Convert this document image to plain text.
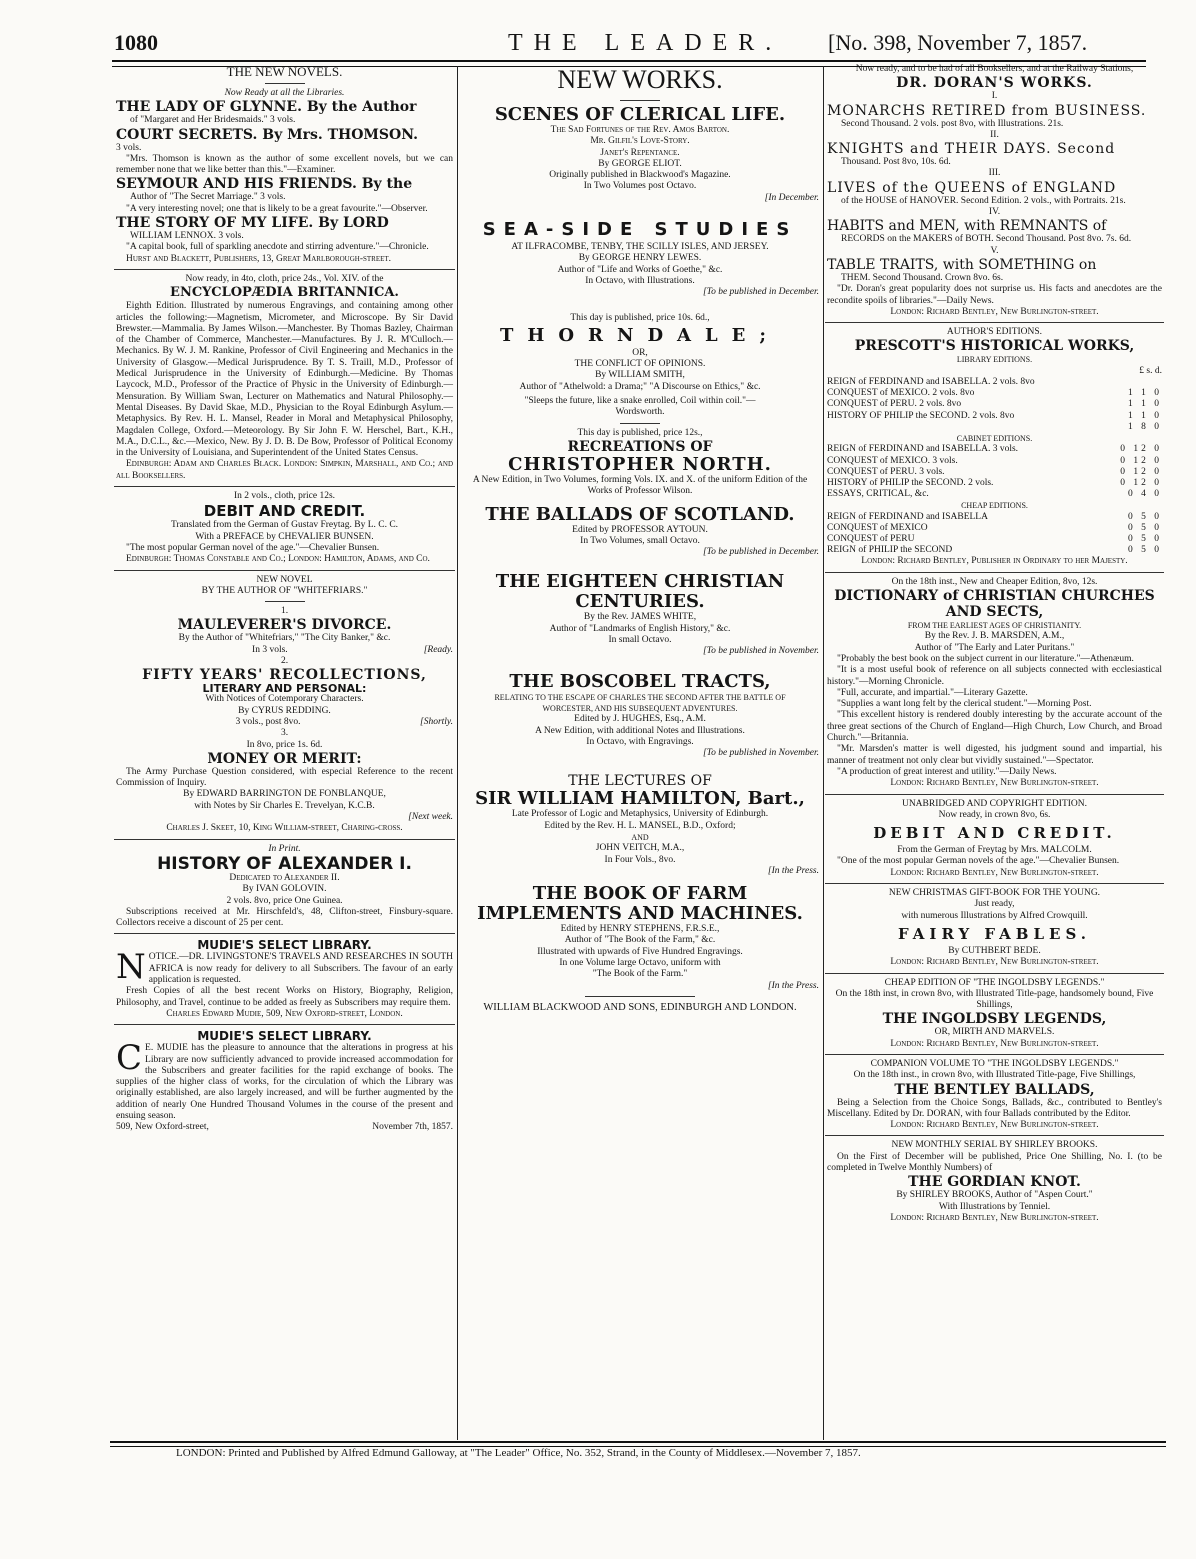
1080	THE LEADER. [No. 398, November 7, 1857.

THE NEW NOVELS.

Now Ready at all the Libraries.

THE LADY OF GLYNNE. By the Author

of "Margaret and Her Bridesmaids." 3 vols.

COURT SECRETS. By Mrs. THOMSON.

3 vols.

"Mrs. Thomson is known as the author of some excellent novels, but we can remember none that we like better than this."—Examiner.

SEYMOUR AND HIS FRIENDS. By the

Author of "The Secret Marriage." 3 vols.

"A very interesting novel; one that is likely to be a great favourite."—Observer.

THE STORY OF MY LIFE. By LORD

WILLIAM LENNOX. 3 vols.

"A capital book, full of sparkling anecdote and stirring adventure."—Chronicle.

Hurst and Blackett, Publishers, 13, Great Marlborough-street.

Now ready, in 4to, cloth, price 24s., Vol. XIV. of the

ENCYCLOPÆDIA BRITANNICA.

Eighth Edition. Illustrated by numerous Engravings, and containing among other articles the following:—Magnetism, Micrometer, and Microscope. By Sir David Brewster.—Mammalia. By James Wilson.—Manchester. By Thomas Bazley, Chairman of the Chamber of Commerce, Manchester.—Manufactures. By J. R. M'Culloch.—Mechanics. By W. J. M. Rankine, Professor of Civil Engineering and Mechanics in the University of Glasgow.—Medical Jurisprudence. By T. S. Traill, M.D., Professor of Medical Jurisprudence in the University of Edinburgh.—Medicine. By Thomas Laycock, M.D., Professor of the Practice of Physic in the University of Edinburgh.—Mensuration. By William Swan, Lecturer on Mathematics and Natural Philosophy.—Mental Diseases. By David Skae, M.D., Physician to the Royal Edinburgh Asylum.—Metaphysics. By Rev. H. L. Mansel, Reader in Moral and Metaphysical Philosophy, Magdalen College, Oxford.—Meteorology. By Sir John F. W. Herschel, Bart., K.H., M.A., D.C.L., &c.—Mexico, New. By J. D. B. De Bow, Professor of Political Economy in the University of Louisiana, and Superintendent of the United States Census.

Edinburgh: Adam and Charles Black. London: Simpkin, Marshall, and Co.; and all Booksellers.

In 2 vols., cloth, price 12s.

DEBIT AND CREDIT.

Translated from the German of Gustav Freytag. By L. C. C.

With a PREFACE by CHEVALIER BUNSEN.

"The most popular German novel of the age."—Chevalier Bunsen.

Edinburgh: Thomas Constable and Co.; London: Hamilton, Adams, and Co.

NEW NOVEL

BY THE AUTHOR OF "WHITEFRIARS."

1.

MAULEVERER'S DIVORCE.

By the Author of "Whitefriars," "The City Banker," &c.

In 3 vols.	[Ready.

2.

FIFTY YEARS' RECOLLECTIONS,

LITERARY AND PERSONAL:

With Notices of Cotemporary Characters.

By CYRUS REDDING.

3 vols., post 8vo.	[Shortly.

3.

In 8vo, price 1s. 6d.

MONEY OR MERIT:

The Army Purchase Question considered, with especial Reference to the recent Commission of Inquiry.

By EDWARD BARRINGTON DE FONBLANQUE,

with Notes by Sir Charles E. Trevelyan, K.C.B.

[Next week.

Charles J. Skeet, 10, King William-street, Charing-cross.

In Print.

HISTORY OF ALEXANDER I.

Dedicated to Alexander II.

By IVAN GOLOVIN.

2 vols. 8vo, price One Guinea.

Subscriptions received at Mr. Hirschfeld's, 48, Clifton-street, Finsbury-square. Collectors receive a discount of 25 per cent.

MUDIE'S SELECT LIBRARY.

NOTICE.—DR. LIVINGSTONE'S TRAVELS AND RESEARCHES IN SOUTH AFRICA is now ready for delivery to all Subscribers. The favour of an early application is requested.

Fresh Copies of all the best recent Works on History, Biography, Religion, Philosophy, and Travel, continue to be added as freely as Subscribers may require them.

Charles Edward Mudie, 509, New Oxford-street, London.

MUDIE'S SELECT LIBRARY.

C E. MUDIE has the pleasure to announce that the alterations in progress at his Library are now sufficiently advanced to provide increased accommodation for the Subscribers and greater facilities for the rapid exchange of books. The supplies of the higher class of works, for the circulation of which the Library was originally established, are also largely increased, and will be further augmented by the addition of nearly One Hundred Thousand Volumes in the course of the present and ensuing season.

509, New Oxford-street,	November 7th, 1857.

NEW WORKS.

SCENES OF CLERICAL LIFE.

The Sad Fortunes of the Rev. Amos Barton.

Mr. Gilfil's Love-Story.

Janet's Repentance.

By GEORGE ELIOT.

Originally published in Blackwood's Magazine.

In Two Volumes post Octavo.

[In December.

SEA-SIDE STUDIES

AT ILFRACOMBE, TENBY, THE SCILLY ISLES, AND JERSEY.

By GEORGE HENRY LEWES.

Author of "Life and Works of Goethe," &c.

In Octavo, with Illustrations.

[To be published in December.

This day is published, price 10s. 6d.,

THORNDALE;

OR,

THE CONFLICT OF OPINIONS.

By WILLIAM SMITH,

Author of "Athelwold: a Drama;" "A Discourse on Ethics," &c.

"Sleeps the future, like a snake enrolled, Coil within coil."—Wordsworth.

This day is published, price 12s.,

RECREATIONS OF

CHRISTOPHER NORTH.

A New Edition, in Two Volumes, forming Vols. IX. and X. of the uniform Edition of the Works of Professor Wilson.

THE BALLADS OF SCOTLAND.

Edited by PROFESSOR AYTOUN.

In Two Volumes, small Octavo.

[To be published in December.

THE EIGHTEEN CHRISTIAN CENTURIES.

By the Rev. JAMES WHITE,

Author of "Landmarks of English History," &c.

In small Octavo.

[To be published in November.

THE BOSCOBEL TRACTS,

RELATING TO THE ESCAPE OF CHARLES THE SECOND AFTER THE BATTLE OF WORCESTER, AND HIS SUBSEQUENT ADVENTURES.

Edited by J. HUGHES, Esq., A.M.

A New Edition, with additional Notes and Illustrations.

In Octavo, with Engravings.

[To be published in November.

THE LECTURES OF

SIR WILLIAM HAMILTON, Bart.,

Late Professor of Logic and Metaphysics, University of Edinburgh.

Edited by the Rev. H. L. MANSEL, B.D., Oxford;

AND

JOHN VEITCH, M.A.,

In Four Vols., 8vo.

[In the Press.

THE BOOK OF FARM

IMPLEMENTS AND MACHINES.

Edited by HENRY STEPHENS, F.R.S.E.,

Author of "The Book of the Farm," &c.

Illustrated with upwards of Five Hundred Engravings.

In one Volume large Octavo, uniform with

"The Book of the Farm."

[In the Press.

WILLIAM BLACKWOOD AND SONS, EDINBURGH AND LONDON.

Now ready, and to be had of all Booksellers, and at the Railway Stations,

DR. DORAN'S WORKS.

I.

MONARCHS RETIRED from BUSINESS.

Second Thousand. 2 vols. post 8vo, with Illustrations. 21s.

II.

KNIGHTS and THEIR DAYS. Second

Thousand. Post 8vo, 10s. 6d.

III.

LIVES of the QUEENS of ENGLAND

of the HOUSE of HANOVER. Second Edition. 2 vols., with Portraits. 21s.

IV.

HABITS and MEN, with REMNANTS of

RECORDS on the MAKERS of BOTH. Second Thousand. Post 8vo. 7s. 6d.

V.

TABLE TRAITS, with SOMETHING on

THEM. Second Thousand. Crown 8vo. 6s.

"Dr. Doran's great popularity does not surprise us. His facts and anecdotes are the recondite spoils of libraries."—Daily News.

London: Richard Bentley, New Burlington-street.

AUTHOR'S EDITIONS.

PRESCOTT'S HISTORICAL WORKS,

LIBRARY EDITIONS.

£ s. d.

REIGN of FERDINAND and ISABELLA. 2 vols. 8vo
CONQUEST of MEXICO. 2 vols. 8vo	1 1 0
CONQUEST of PERU. 2 vols. 8vo	1 1 0
HISTORY OF PHILIP the SECOND. 2 vols. 8vo	1 1 0
1 8 0

CABINET EDITIONS.

REIGN of FERDINAND and ISABELLA. 3 vols.	0 12 0
CONQUEST of MEXICO. 3 vols.	0 12 0
CONQUEST of PERU. 3 vols.	0 12 0
HISTORY of PHILIP the SECOND. 2 vols.	0 12 0
ESSAYS, CRITICAL, &c.	0 4 0

CHEAP EDITIONS.

REIGN of FERDINAND and ISABELLA	0 5 0
CONQUEST of MEXICO	0 5 0
CONQUEST of PERU	0 5 0
REIGN of PHILIP the SECOND	0 5 0

London: Richard Bentley, Publisher in Ordinary to her Majesty.

On the 18th inst., New and Cheaper Edition, 8vo, 12s.

DICTIONARY of CHRISTIAN CHURCHES AND SECTS,

FROM THE EARLIEST AGES OF CHRISTIANITY.

By the Rev. J. B. MARSDEN, A.M.,

Author of "The Early and Later Puritans."

"Probably the best book on the subject current in our literature."—Athenæum.

"It is a most useful book of reference on all subjects connected with ecclesiastical history."—Morning Chronicle.

"Full, accurate, and impartial."—Literary Gazette.

"Supplies a want long felt by the clerical student."—Morning Post.

"This excellent history is rendered doubly interesting by the accurate account of the three great sections of the Church of England—High Church, Low Church, and Broad Church."—Britannia.

"Mr. Marsden's matter is well digested, his judgment sound and impartial, his manner of treatment not only clear but vividly sustained."—Spectator.

"A production of great interest and utility."—Daily News.

London: Richard Bentley, New Burlington-street.

UNABRIDGED AND COPYRIGHT EDITION.

Now ready, in crown 8vo, 6s.

DEBIT AND CREDIT.

From the German of Freytag by Mrs. MALCOLM.

"One of the most popular German novels of the age."—Chevalier Bunsen.

London: Richard Bentley, New Burlington-street.

NEW CHRISTMAS GIFT-BOOK FOR THE YOUNG.

Just ready,

with numerous Illustrations by Alfred Crowquill.

FAIRY FABLES.

By CUTHBERT BEDE.

London: Richard Bentley, New Burlington-street.

CHEAP EDITION OF "THE INGOLDSBY LEGENDS."

On the 18th inst, in crown 8vo, with Illustrated Title-page, handsomely bound, Five Shillings,

THE INGOLDSBY LEGENDS,

OR, MIRTH AND MARVELS.

London: Richard Bentley, New Burlington-street.

COMPANION VOLUME TO "THE INGOLDSBY LEGENDS."

On the 18th inst., in crown 8vo, with Illustrated Title-page, Five Shillings,

THE BENTLEY BALLADS,

Being a Selection from the Choice Songs, Ballads, &c., contributed to Bentley's Miscellany. Edited by Dr. DORAN, with four Ballads contributed by the Editor.

London: Richard Bentley, New Burlington-street.

NEW MONTHLY SERIAL BY SHIRLEY BROOKS.

On the First of December will be published, Price One Shilling, No. I. (to be completed in Twelve Monthly Numbers) of

THE GORDIAN KNOT.

By SHIRLEY BROOKS, Author of "Aspen Court."

With Illustrations by Tenniel.

London: Richard Bentley, New Burlington-street.

LONDON: Printed and Published by Alfred Edmund Galloway, at "The Leader" Office, No. 352, Strand, in the County of Middlesex.—November 7, 1857.
